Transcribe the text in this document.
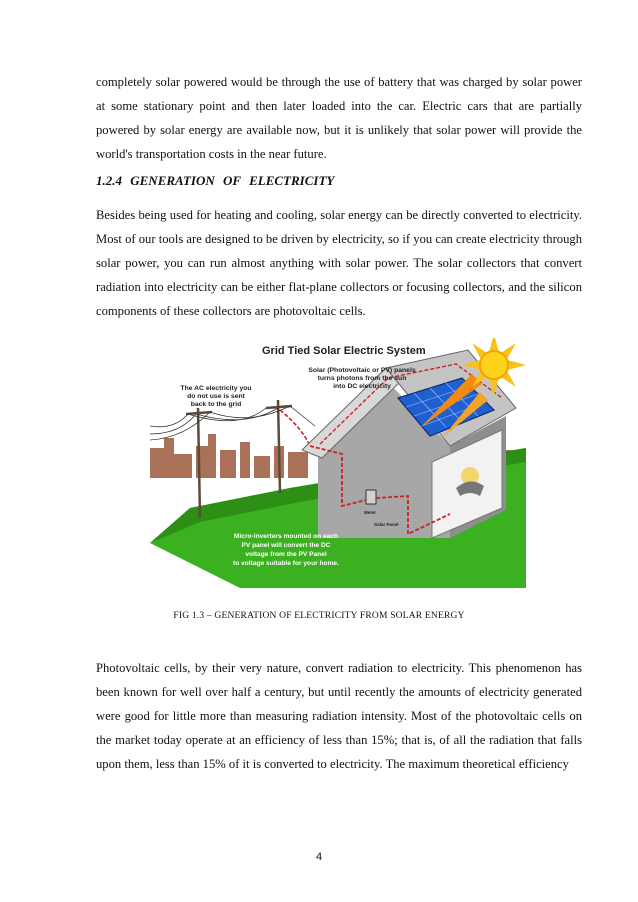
completely solar powered would be through the use of battery that was charged by solar power at some stationary point and then later loaded into the car. Electric cars that are partially powered by solar energy are available now, but it is unlikely that solar power will provide the world's transportation costs in the near future.

1.2.4 GENERATION OF ELECTRICITY

Besides being used for heating and cooling, solar energy can be directly converted to electricity. Most of our tools are designed to be driven by electricity, so if you can create electricity through solar power, you can run almost anything with solar power. The solar collectors that convert radiation into electricity can be either flat-plane collectors or focusing collectors, and the silicon components of these collectors are photovoltaic cells.

Grid Tied Solar Electric System
Solar (Photovoltaic or PV) panels
turns photons from the sun
into DC electricity
The AC electricity you
do not use is sent
back to the grid
Meter
Solar Panel
Micro-inverters mounted on each
PV panel will convert the DC
voltage from the PV Panel
to voltage suitable for your home.

FIG 1.3 – GENERATION OF ELECTRICITY FROM SOLAR ENERGY

Photovoltaic cells, by their very nature, convert radiation to electricity. This phenomenon has been known for well over half a century, but until recently the amounts of electricity generated were good for little more than measuring radiation intensity. Most of the photovoltaic cells on the market today operate at an efficiency of less than 15%; that is, of all the radiation that falls upon them, less than 15% of it is converted to electricity. The maximum theoretical efficiency

4
